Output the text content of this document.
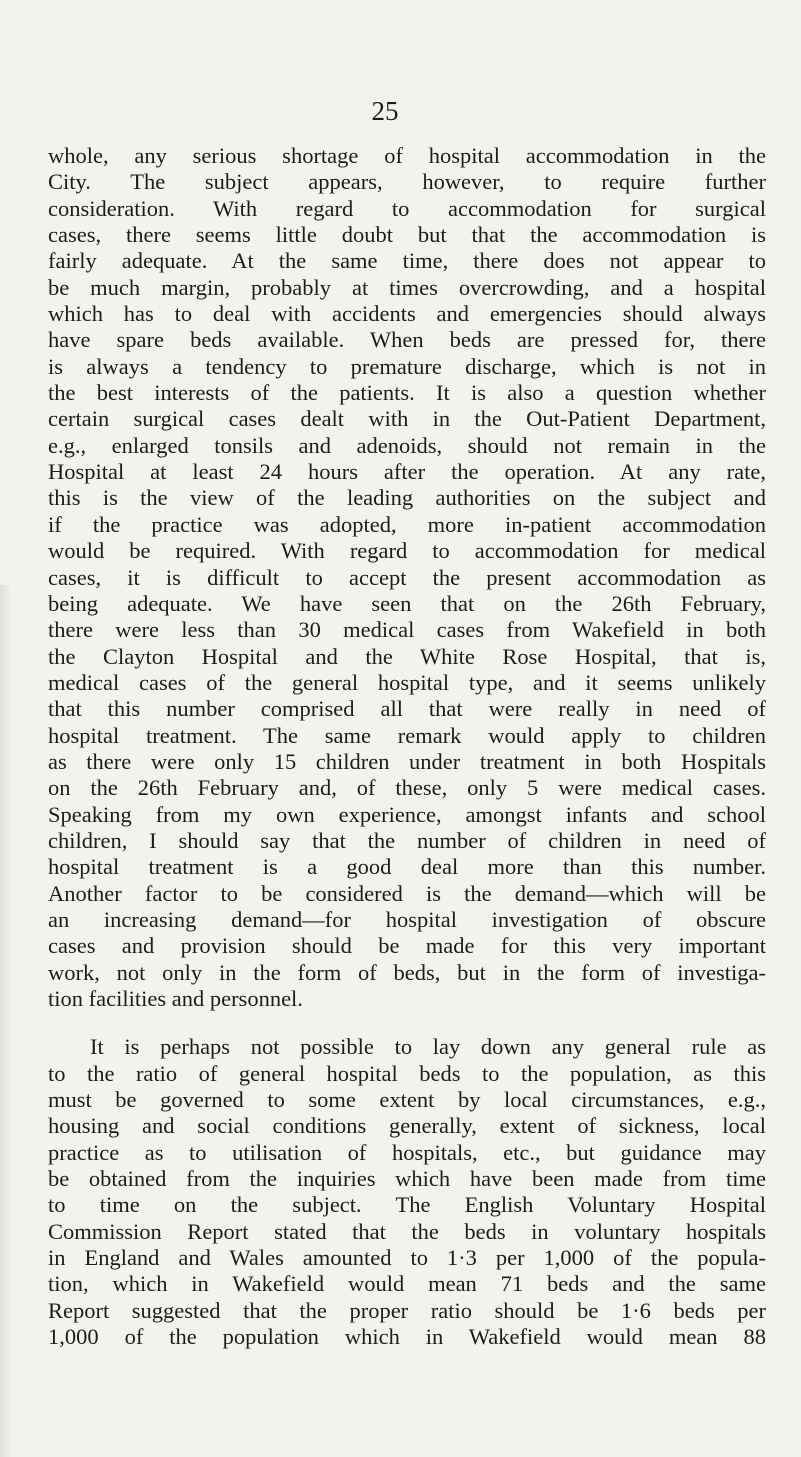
25
whole, any serious shortage of hospital accommodation in the
City. The subject appears, however, to require further
consideration. With regard to accommodation for surgical
cases, there seems little doubt but that the accommodation is
fairly adequate. At the same time, there does not appear to
be much margin, probably at times overcrowding, and a hospital
which has to deal with accidents and emergencies should always
have spare beds available. When beds are pressed for, there
is always a tendency to premature discharge, which is not in
the best interests of the patients. It is also a question whether
certain surgical cases dealt with in the Out-Patient Department,
e.g., enlarged tonsils and adenoids, should not remain in the
Hospital at least 24 hours after the operation. At any rate,
this is the view of the leading authorities on the subject and
if the practice was adopted, more in-patient accommodation
would be required. With regard to accommodation for medical
cases, it is difficult to accept the present accommodation as
being adequate. We have seen that on the 26th February,
there were less than 30 medical cases from Wakefield in both
the Clayton Hospital and the White Rose Hospital, that is,
medical cases of the general hospital type, and it seems unlikely
that this number comprised all that were really in need of
hospital treatment. The same remark would apply to children
as there were only 15 children under treatment in both Hospitals
on the 26th February and, of these, only 5 were medical cases.
Speaking from my own experience, amongst infants and school
children, I should say that the number of children in need of
hospital treatment is a good deal more than this number.
Another factor to be considered is the demand—which will be
an increasing demand—for hospital investigation of obscure
cases and provision should be made for this very important
work, not only in the form of beds, but in the form of investiga-
tion facilities and personnel.
It is perhaps not possible to lay down any general rule as
to the ratio of general hospital beds to the population, as this
must be governed to some extent by local circumstances, e.g.,
housing and social conditions generally, extent of sickness, local
practice as to utilisation of hospitals, etc., but guidance may
be obtained from the inquiries which have been made from time
to time on the subject. The English Voluntary Hospital
Commission Report stated that the beds in voluntary hospitals
in England and Wales amounted to 1·3 per 1,000 of the popula-
tion, which in Wakefield would mean 71 beds and the same
Report suggested that the proper ratio should be 1·6 beds per
1,000 of the population which in Wakefield would mean 88
